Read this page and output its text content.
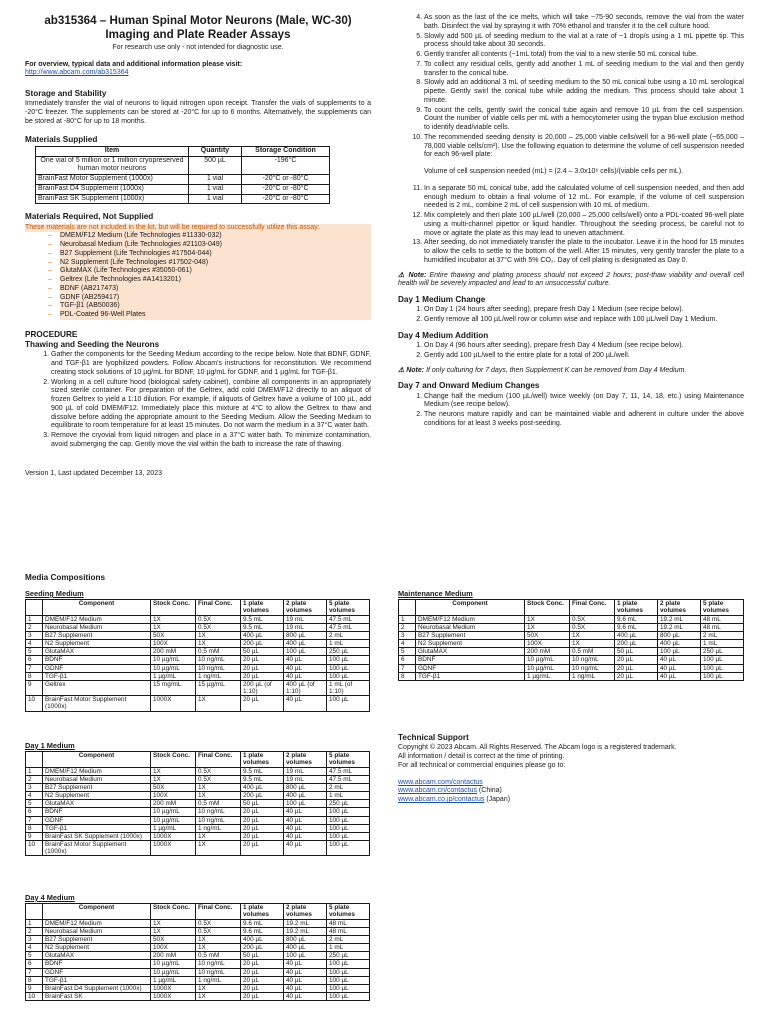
ab315364 – Human Spinal Motor Neurons (Male, WC-30) Imaging and Plate Reader Assays

For research use only - not intended for diagnostic use.

For overview, typical data and additional information please visit:

http://www.abcam.com/ab315364

Storage and Stability

Immediately transfer the vial of neurons to liquid nitrogen upon receipt. Transfer the vials of supplements to a -20°C freezer. The supplements can be stored at -20°C for up to 6 months. Alternatively, the supplements can be stored at -80°C for up to 18 months.

Materials Supplied
Item	Quantity	Storage Condition
One vial of 5 million or 1 million cryopreserved human motor neurons	500 µL	-196°C
BrainFast Motor Supplement (1000x)	1 vial	-20°C or -80°C
BrainFast D4 Supplement (1000x)	1 vial	-20°C or -80°C
BrainFast SK Supplement (1000x)	1 vial	-20°C or -80°C
Materials Required, Not Supplied

These materials are not included in the kit, but will be required to successfully utilize this assay:

– DMEM/F12 Medium (Life Technologies #11330-032)
– Neurobasal Medium (Life Technologies #21103-049)
– B27 Supplement (Life Technologies #17504-044)
– N2 Supplement (Life Technologies #17502-048)
– GlutaMAX (Life Technologies #35050-061)
– Geltrex (Life Technologies #A1413201)
– BDNF (AB217473)
– GDNF (AB259417)
– TGF-β1 (AB50036)
– PDL-Coated 96-Well Plates
PROCEDURE
Thawing and Seeding the Neurons
1. Gather the components for the Seeding Medium according to the recipe below. Note that BDNF, GDNF, and TGF-β1 are lyophilized powders. Follow Abcam's instructions for reconstitution. We recommend creating stock solutions of 10 µg/mL for BDNF, 10 µg/mL for GDNF, and 1 µg/mL for TGF-β1.
2. Working in a cell culture hood (biological safety cabinet), combine all components in an appropriately sized sterile container. For preparation of the Geltrex, add cold DMEM/F12 directly to an aliquot of frozen Geltrex to yield a 1:10 dilution. For example, if aliquots of Geltrex have a volume of 100 µL, add 900 µL of cold DMEM/F12. Immediately place this mixture at 4°C to allow the Geltrex to thaw and dissolve before adding the appropriate amount to the Seeding Medium. Allow the Seeding Medium to equilibrate to room temperature for at least 15 minutes. Do not warm the medium in a 37°C water bath.
3. Remove the cryovial from liquid nitrogen and place in a 37°C water bath. To minimize contamination, avoid submerging the cap. Gently move the vial within the bath to increase the rate of thawing.

Version 1, Last updated December 13, 2023

4. As soon as the last of the ice melts, which will take ~75-90 seconds, remove the vial from the water bath. Disinfect the vial by spraying it with 70% ethanol and transfer it to the cell culture hood.
5. Slowly add 500 µL of seeding medium to the vial at a rate of ~1 drop/s using a 1 mL pipette tip. This process should take about 30 seconds.
6. Gently transfer all contents (~1mL total) from the vial to a new sterile 50 mL conical tube.
7. To collect any residual cells, gently add another 1 mL of seeding medium to the vial and then gently transfer to the conical tube.
8. Slowly add an additional 3 mL of seeding medium to the 50 mL conical tube using a 10 mL serological pipette. Gently swirl the conical tube while adding the medium. This process should take about 1 minute.
9. To count the cells, gently swirl the conical tube again and remove 10 µL from the cell suspension. Count the number of viable cells per mL with a hemocytometer using the trypan blue exclusion method to identify dead/viable cells.
10. The recommended seeding density is 20,000 – 25,000 viable cells/well for a 96-well plate (~65,000 – 78,000 viable cells/cm²). Use the following equation to determine the volume of cell suspension needed for each 96-well plate:

Volume of cell suspension needed (mL) = (2.4 – 3.0x10⁶ cells)/(viable cells per mL).

11. In a separate 50 mL conical tube, add the calculated volume of cell suspension needed, and then add enough medium to obtain a final volume of 12 mL. For example, if the volume of cell suspension needed is 2 mL, combine 2 mL of cell suspension with 10 mL of medium.
12. Mix completely and then plate 100 µL/well (20,000 – 25,000 cells/well) onto a PDL-coated 96-well plate using a multi-channel pipettor or liquid handler. Throughout the seeding process, be careful not to move or agitate the plate as this may lead to uneven attachment.
13. After seeding, do not immediately transfer the plate to the incubator. Leave it in the hood for 15 minutes to allow the cells to settle to the bottom of the well. After 15 minutes, very gently transfer the plate to a humidified incubator at 37°C with 5% CO₂. Day of cell plating is designated as Day 0.

⚠ Note: Entire thawing and plating process should not exceed 2 hours; post-thaw viability and overall cell health will be severely impacted and lead to an unsuccessful culture.

Day 1 Medium Change
1. On Day 1 (24 hours after seeding), prepare fresh Day 1 Medium (see recipe below).
2. Gently remove all 100 µL/well row or column wise and replace with 100 µL/well Day 1 Medium.
Day 4 Medium Addition
1. On Day 4 (96 hours after seeding), prepare fresh Day 4 Medium (see recipe below).
2. Gently add 100 µL/well to the entire plate for a total of 200 µL/well.

⚠ Note: If only culturing for 7 days, then Supplement K can be removed from Day 4 Medium.

Day 7 and Onward Medium Changes
1. Change half the medium (100 µL/well) twice weekly (on Day 7, 11, 14, 18, etc.) using Maintenance Medium (see recipe below).
2. The neurons mature rapidly and can be maintained viable and adherent in culture under the above conditions for at least 3 weeks post-seeding.
Media Compositions

Seeding Medium

	Component	Stock Conc.	Final Conc.	1 plate volumes	2 plate volumes	5 plate volumes
1	DMEM/F12 Medium	1X	0.5X	9.5 mL	19 mL	47.5 mL
2	Neurobasal Medium	1X	0.5X	9.5 mL	19 mL	47.5 mL
3	B27 Supplement	50X	1X	400 µL	800 µL	2 mL
4	N2 Supplement	100X	1X	200 µL	400 µL	1 mL
5	GlutaMAX	200 mM	0.5 mM	50 µL	100 µL	250 µL
6	BDNF	10 µg/mL	10 ng/mL	20 µL	40 µL	100 µL
7	GDNF	10 µg/mL	10 ng/mL	20 µL	40 µL	100 µL
8	TGF-β1	1 µg/mL	1 ng/mL	20 µL	40 µL	100 µL
9	Geltrex	15 mg/mL	15 µg/mL	200 µL (of 1:10)	400 µL (of 1:10)	1 mL (of 1:10)
10	BrainFast Motor Supplement (1000x)	1000X	1X	20 µL	40 µL	100 µL

Day 1 Medium

	Component	Stock Conc.	Final Conc.	1 plate volumes	2 plate volumes	5 plate volumes
1	DMEM/F12 Medium	1X	0.5X	9.5 mL	19 mL	47.5 mL
2	Neurobasal Medium	1X	0.5X	9.5 mL	19 mL	47.5 mL
3	B27 Supplement	50X	1X	400 µL	800 µL	2 mL
4	N2 Supplement	100X	1X	200 µL	400 µL	1 mL
5	GlutaMAX	200 mM	0.5 mM	50 µL	100 µL	250 µL
6	BDNF	10 µg/mL	10 ng/mL	20 µL	40 µL	100 µL
7	GDNF	10 µg/mL	10 ng/mL	20 µL	40 µL	100 µL
8	TGF-β1	1 µg/mL	1 ng/mL	20 µL	40 µL	100 µL
9	BrainFast SK Supplement (1000x)	1000X	1X	20 µL	40 µL	100 µL
10	BrainFast Motor Supplement (1000x)	1000X	1X	20 µL	40 µL	100 µL

Day 4 Medium

	Component	Stock Conc.	Final Conc.	1 plate volumes	2 plate volumes	5 plate volumes
1	DMEM/F12 Medium	1X	0.5X	9.6 mL	19.2 mL	48 mL
2	Neurobasal Medium	1X	0.5X	9.6 mL	19.2 mL	48 mL
3	B27 Supplement	50X	1X	400 µL	800 µL	2 mL
4	N2 Supplement	100X	1X	200 µL	400 µL	1 mL
5	GlutaMAX	200 mM	0.5 mM	50 µL	100 µL	250 µL
6	BDNF	10 µg/mL	10 ng/mL	20 µL	40 µL	100 µL
7	GDNF	10 µg/mL	10 ng/mL	20 µL	40 µL	100 µL
8	TGF-β1	1 µg/mL	1 ng/mL	20 µL	40 µL	100 µL
9	BrainFast D4 Supplement (1000x)	1000X	1X	20 µL	40 µL	100 µL
10	BrainFast SK	1000X	1X	20 µL	40 µL	100 µL

Maintenance Medium

	Component	Stock Conc.	Final Conc.	1 plate volumes	2 plate volumes	5 plate volumes
1	DMEM/F12 Medium	1X	0.5X	9.6 mL	19.2 mL	48 mL
2	Neurobasal Medium	1X	0.5X	9.6 mL	19.2 mL	48 mL
3	B27 Supplement	50X	1X	400 µL	800 µL	2 mL
4	N2 Supplement	100X	1X	200 µL	400 µL	1 mL
5	GlutaMAX	200 mM	0.5 mM	50 µL	100 µL	250 µL
6	BDNF	10 µg/mL	10 ng/mL	20 µL	40 µL	100 µL
7	GDNF	10 µg/mL	10 ng/mL	20 µL	40 µL	100 µL
8	TGF-β1	1 µg/mL	1 ng/mL	20 µL	40 µL	100 µL
Technical Support

Copyright © 2023 Abcam. All Rights Reserved. The Abcam logo is a registered trademark.

All information / detail is correct at the time of printing.

For all technical or commercial enquiries please go to:

www.abcam.com/contactus

www.abcam.cn/contactus (China)

www.abcam.co.jp/contactus (Japan)
